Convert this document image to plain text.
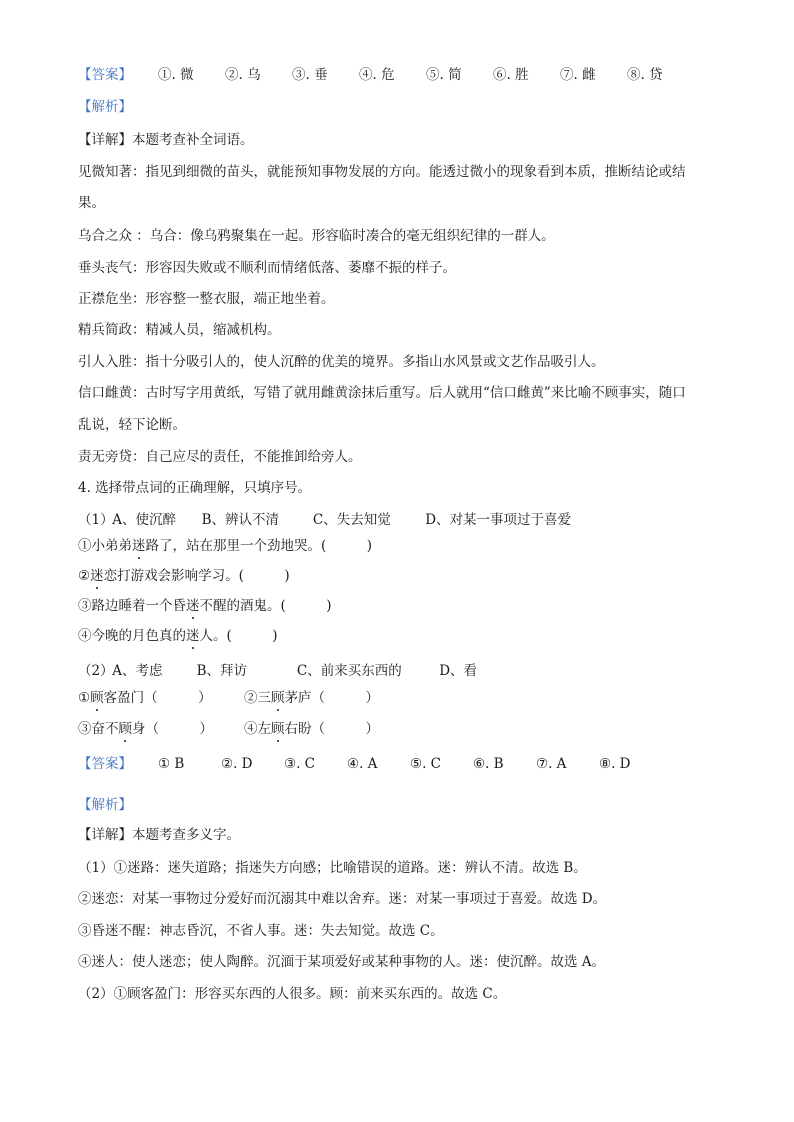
【答案】	①. 微	②. 乌	③. 垂	④. 危	⑤. 简	⑥. 胜	⑦. 雌	⑧. 贷
【解析】
【详解】本题考查补全词语。
见微知著：指见到细微的苗头，就能预知事物发展的方向。能透过微小的现象看到本质，推断结论或结
果。
乌合之众 ：乌合：像乌鸦聚集在一起。形容临时凑合的毫无组织纪律的一群人。
垂头丧气：形容因失败或不顺利而情绪低落、萎靡不振的样子。
正襟危坐：形容整一整衣服，端正地坐着。
精兵简政：精减人员，缩减机构。
引人入胜：指十分吸引人的，使人沉醉的优美的境界。多指山水风景或文艺作品吸引人。
信口雌黄：古时写字用黄纸，写错了就用雌黄涂抹后重写。后人就用“信口雌黄”来比喻不顾事实，随口
乱说，轻下论断。
责无旁贷：自己应尽的责任，不能推卸给旁人。
4. 选择带点词的正确理解，只填序号。
（1） A、使沉醉 B、辨认不清	C、失去知觉	D、对某一事项过于喜爱
①小弟弟迷路了，站在那里一个劲地哭。(　　　)
②迷恋打游戏会影响学习。(　　　)
③路边睡着一个昏迷不醒的酒鬼。(　　　)
④今晚的月色真的迷人。(　　　)
（2） A、考虑	B、拜访	C、前来买东西的	D、看
①顾客盈门（　　　） ②三顾茅庐（　　　）
③奋不顾身（　　　） ④左顾右盼（　　　）
【答案】	① B	②. D	③. C	④. A	⑤. C	⑥. B	⑦. A	⑧. D
【解析】
【详解】本题考查多义字。
（1）①迷路：迷失道路；指迷失方向感；比喻错误的道路。迷：辨认不清。故选 B。
②迷恋：对某一事物过分爱好而沉溺其中难以舍弃。迷：对某一事项过于喜爱。故选 D。
③昏迷不醒：神志昏沉，不省人事。迷：失去知觉。故选 C。
④迷人：使人迷恋；使人陶醉。沉湎于某项爱好或某种事物的人。迷：使沉醉。故选 A。
（2）①顾客盈门：形容买东西的人很多。顾：前来买东西的。故选 C。
